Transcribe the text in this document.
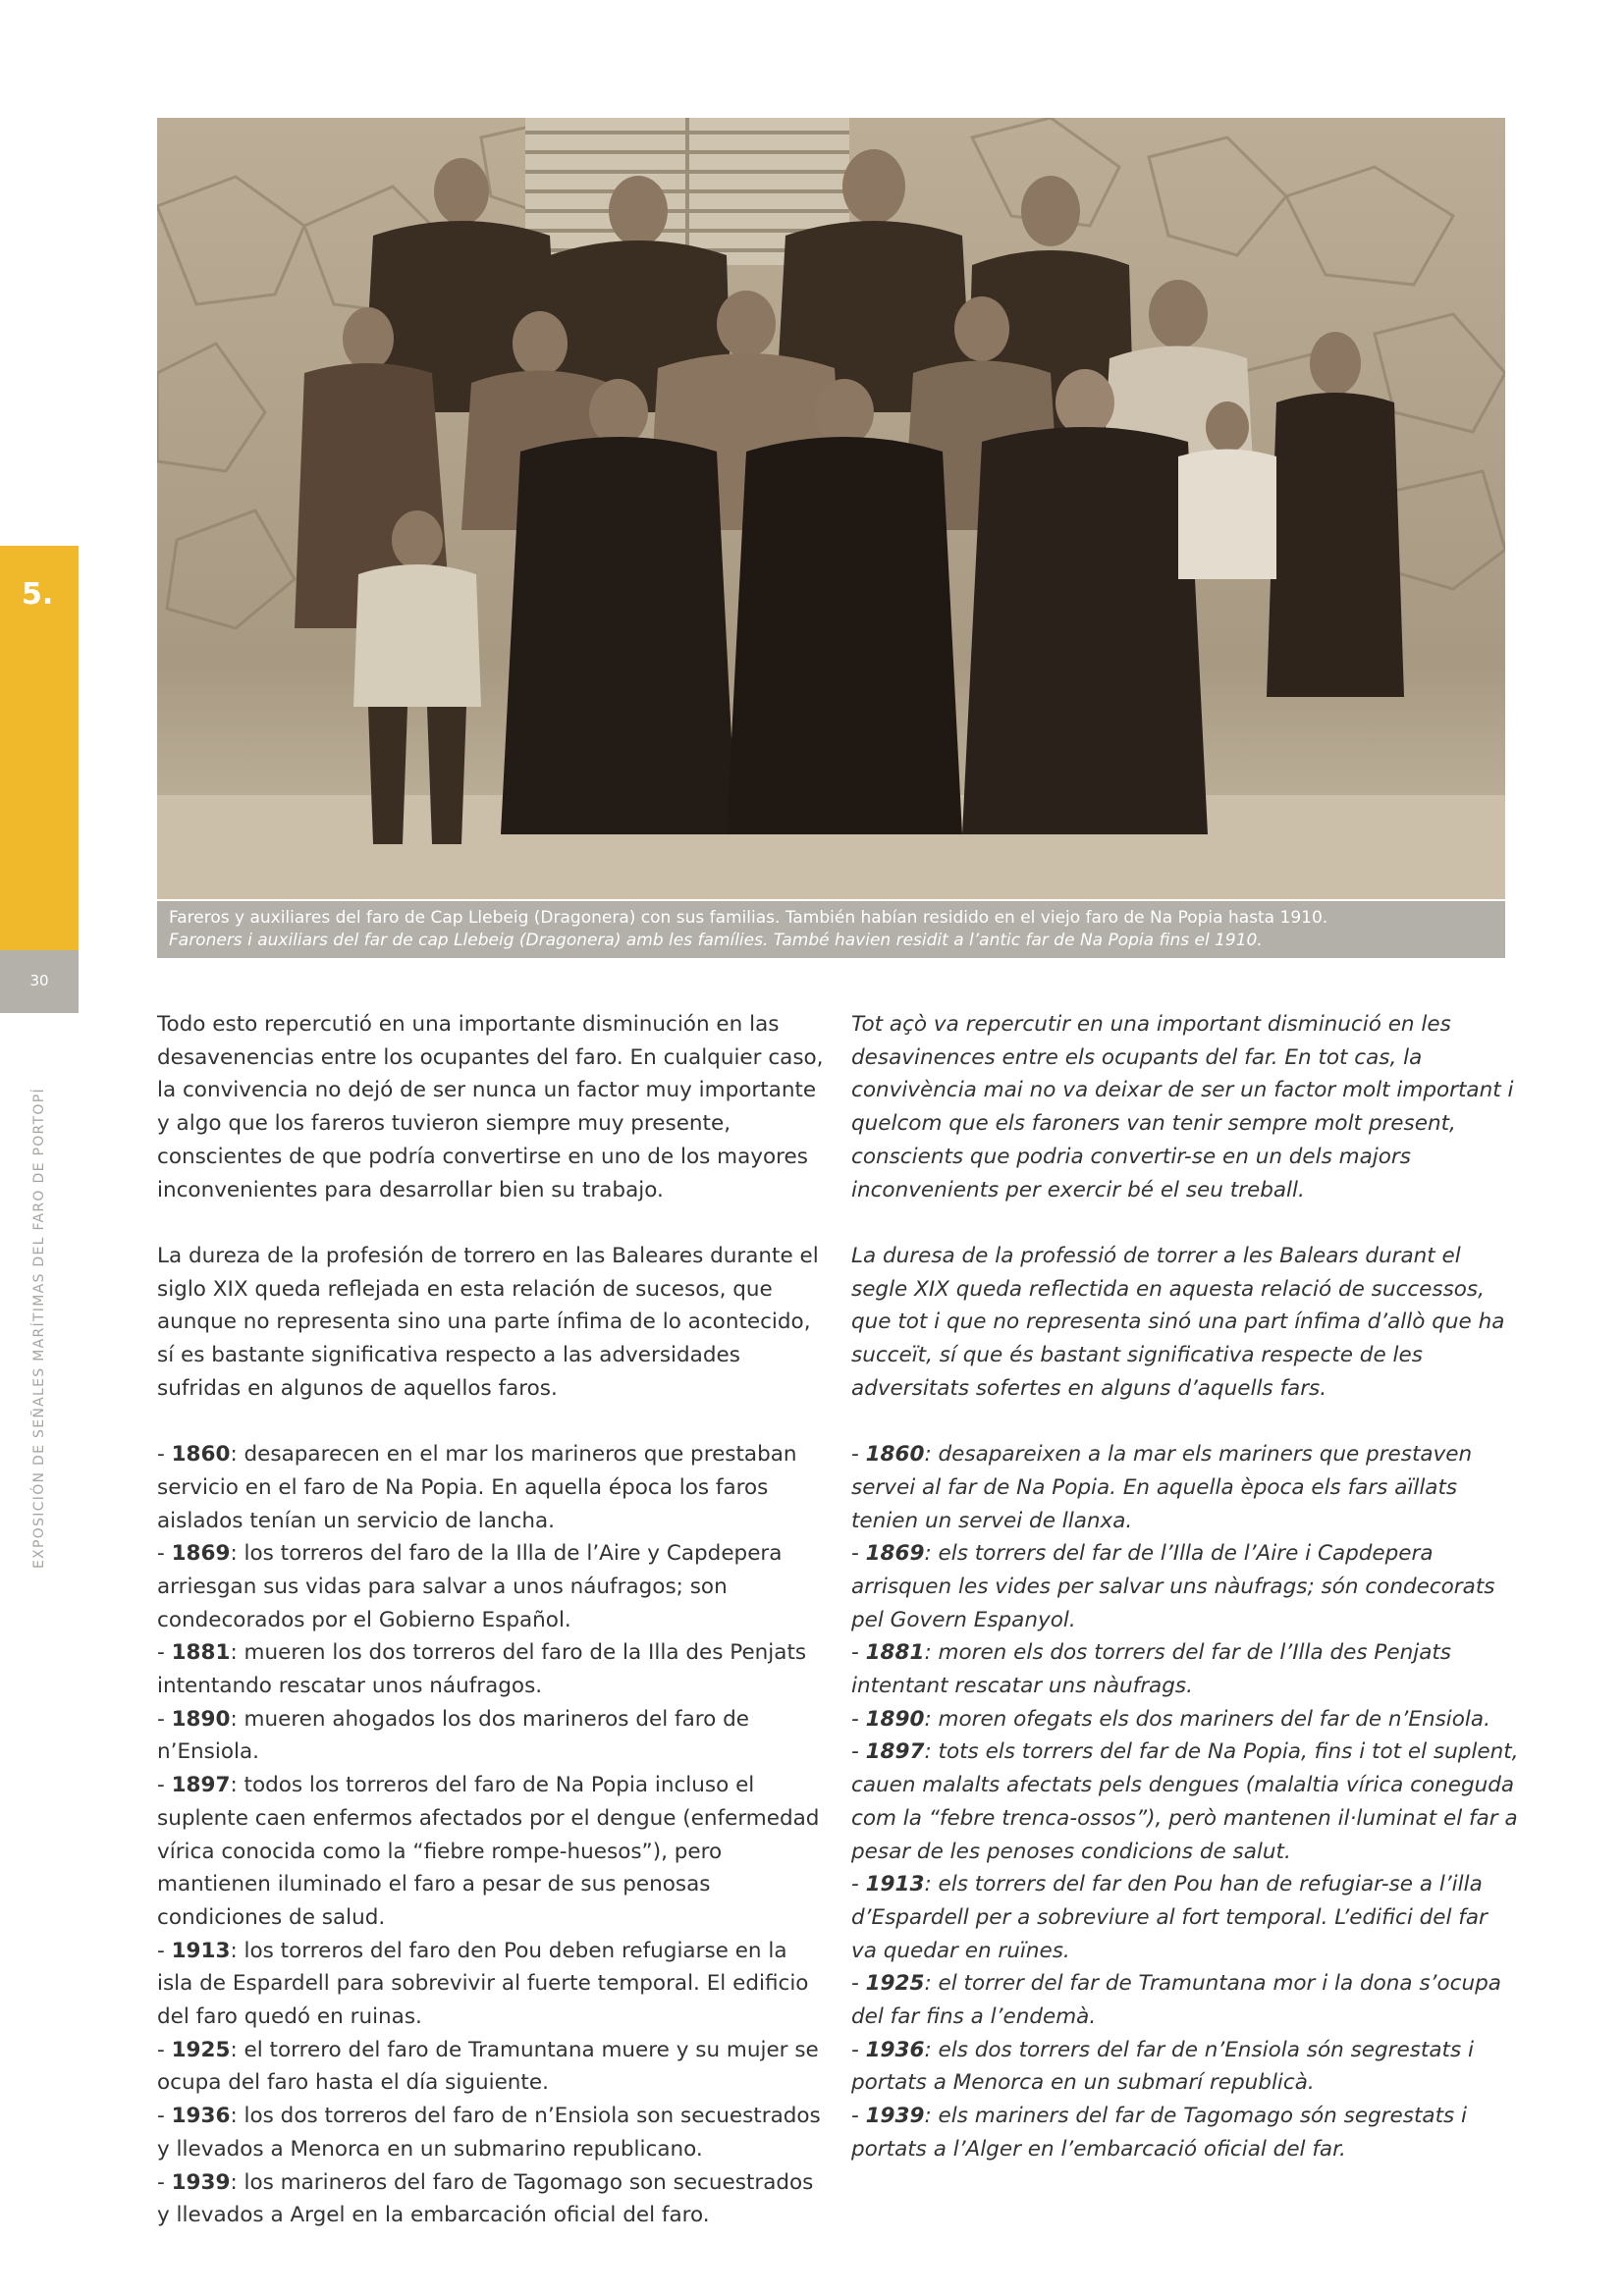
5.
30
EXPOSICIÓN DE SEÑALES MARÍTIMAS DEL FARO DE PORTOPÍ
Fareros y auxiliares del faro de Cap Llebeig (Dragonera) con sus familias. También habían residido en el viejo faro de Na Popia hasta 1910.
Faroners i auxiliars del far de cap Llebeig (Dragonera) amb les famílies. També havien residit a l’antic far de Na Popia fins el 1910.

Todo esto repercutió en una importante disminución en las desavenencias entre los ocupantes del faro. En cualquier caso, la convivencia no dejó de ser nunca un factor muy importante y algo que los fareros tuvieron siempre muy presente, conscientes de que podría convertirse en uno de los mayores inconvenientes para desarrollar bien su trabajo.

La dureza de la profesión de torrero en las Baleares durante el siglo XIX queda reflejada en esta relación de sucesos, que aunque no representa sino una parte ínfima de lo acontecido, sí es bastante significativa respecto a las adversidades sufridas en algunos de aquellos faros.

- 1860: desaparecen en el mar los marineros que prestaban servicio en el faro de Na Popia. En aquella época los faros aislados tenían un servicio de lancha.
- 1869: los torreros del faro de la Illa de l’Aire y Capdepera arriesgan sus vidas para salvar a unos náufragos; son condecorados por el Gobierno Español.
- 1881: mueren los dos torreros del faro de la Illa des Penjats intentando rescatar unos náufragos.
- 1890: mueren ahogados los dos marineros del faro de n’Ensiola.
- 1897: todos los torreros del faro de Na Popia incluso el suplente caen enfermos afectados por el dengue (enfermedad vírica conocida como la “fiebre rompe-huesos”), pero mantienen iluminado el faro a pesar de sus penosas condiciones de salud.
- 1913: los torreros del faro den Pou deben refugiarse en la isla de Espardell para sobrevivir al fuerte temporal. El edificio del faro quedó en ruinas.
- 1925: el torrero del faro de Tramuntana muere y su mujer se ocupa del faro hasta el día siguiente.
- 1936: los dos torreros del faro de n’Ensiola son secuestrados y llevados a Menorca en un submarino republicano.
- 1939: los marineros del faro de Tagomago son secuestrados y llevados a Argel en la embarcación oficial del faro.

Tot açò va repercutir en una important disminució en les desavinences entre els ocupants del far. En tot cas, la convivència mai no va deixar de ser un factor molt important i quelcom que els faroners van tenir sempre molt present, conscients que podria convertir-se en un dels majors inconvenients per exercir bé el seu treball.

La duresa de la professió de torrer a les Balears durant el segle XIX queda reflectida en aquesta relació de successos, que tot i que no representa sinó una part ínfima d’allò que ha succeït, sí que és bastant significativa respecte de les adversitats sofertes en alguns d’aquells fars.

- 1860: desapareixen a la mar els mariners que prestaven servei al far de Na Popia. En aquella època els fars aïllats tenien un servei de llanxa.
- 1869: els torrers del far de l’Illa de l’Aire i Capdepera arrisquen les vides per salvar uns nàufrags; són condecorats pel Govern Espanyol.
- 1881: moren els dos torrers del far de l’Illa des Penjats intentant rescatar uns nàufrags.
- 1890: moren ofegats els dos mariners del far de n’Ensiola.
- 1897: tots els torrers del far de Na Popia, fins i tot el suplent, cauen malalts afectats pels dengues (malaltia vírica coneguda com la “febre trenca-ossos”), però mantenen il·luminat el far a pesar de les penoses condicions de salut.
- 1913: els torrers del far den Pou han de refugiar-se a l’illa d’Espardell per a sobreviure al fort temporal. L’edifici del far va quedar en ruïnes.
- 1925: el torrer del far de Tramuntana mor i la dona s’ocupa del far fins a l’endemà.
- 1936: els dos torrers del far de n’Ensiola són segrestats i portats a Menorca en un submarí republicà.
- 1939: els mariners del far de Tagomago són segrestats i portats a l’Alger en l’embarcació oficial del far.
